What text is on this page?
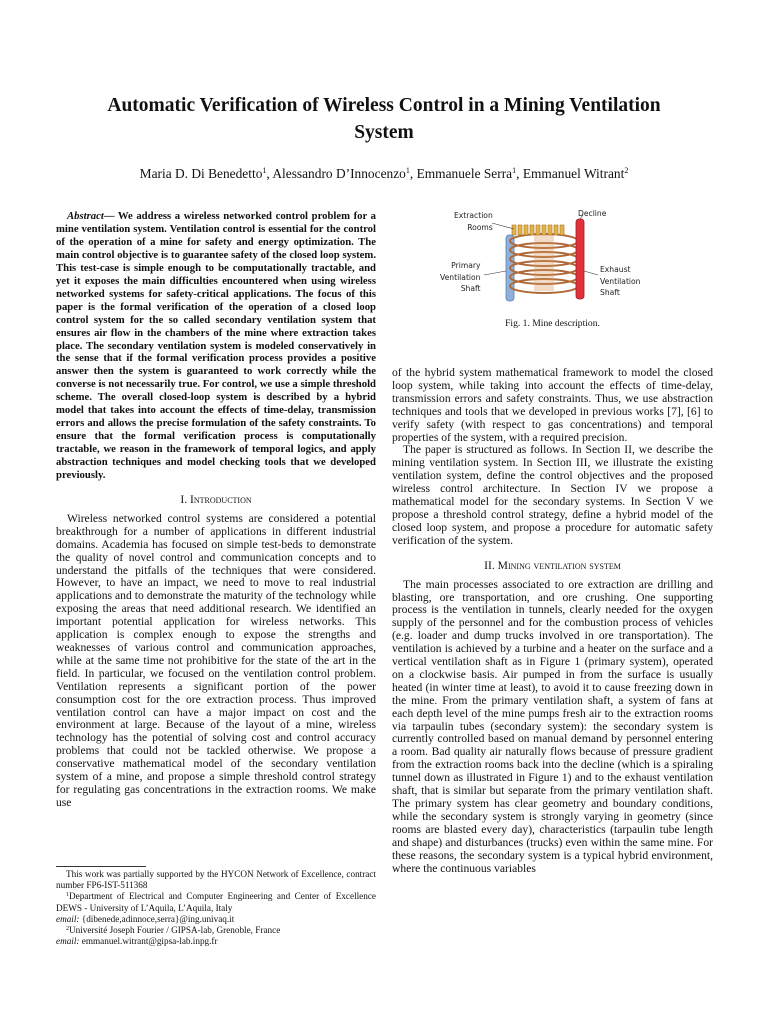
Automatic Verification of Wireless Control in a Mining Ventilation System
Maria D. Di Benedetto$^1$, Alessandro D’Innocenzo$^1$, Emmanuele Serra$^1$, Emmanuel Witrant$^2$

Abstract— We address a wireless networked control problem for a mine ventilation system. Ventilation control is essential for the control of the operation of a mine for safety and energy optimization. The main control objective is to guarantee safety of the closed loop system. This test-case is simple enough to be computationally tractable, and yet it exposes the main difficulties encountered when using wireless networked systems for safety-critical applications. The focus of this paper is the formal verification of the operation of a closed loop control system for the so called secondary ventilation system that ensures air flow in the chambers of the mine where extraction takes place. The secondary ventilation system is modeled conservatively in the sense that if the formal verification process provides a positive answer then the system is guaranteed to work correctly while the converse is not necessarily true. For control, we use a simple threshold scheme. The overall closed-loop system is described by a hybrid model that takes into account the effects of time-delay, transmission errors and allows the precise formulation of the safety constraints. To ensure that the formal verification process is computationally tractable, we reason in the framework of temporal logics, and apply abstraction techniques and model checking tools that we developed previously.

I. Introduction

Wireless networked control systems are considered a potential breakthrough for a number of applications in different industrial domains. Academia has focused on simple test-beds to demonstrate the quality of novel control and communication concepts and to understand the pitfalls of the techniques that were considered. However, to have an impact, we need to move to real industrial applications and to demonstrate the maturity of the technology while exposing the areas that need additional research. We identified an important potential application for wireless networks. This application is complex enough to expose the strengths and weaknesses of various control and communication approaches, while at the same time not prohibitive for the state of the art in the field. In particular, we focused on the ventilation control problem. Ventilation represents a significant portion of the power consumption cost for the ore extraction process. Thus improved ventilation control can have a major impact on cost and the environment at large. Because of the layout of a mine, wireless technology has the potential of solving cost and control accuracy problems that could not be tackled otherwise. We propose a conservative mathematical model of the secondary ventilation system of a mine, and propose a simple threshold control strategy for regulating gas concentrations in the extraction rooms. We make use

This work was partially supported by the HYCON Network of Excellence, contract number FP6-IST-511368
$^1$Department of Electrical and Computer Engineering and Center of Excellence DEWS - University of L’Aquila, L’Aquila, Italy
email: {dibenede,adinnoce,serra}@ing.univaq.it
$^2$Université Joseph Fourier / GIPSA-lab, Grenoble, France
email: emmanuel.witrant@gipsa-lab.inpg.fr
Extraction
Rooms
Decline
Primary
Ventilation
Shaft
Exhaust
Ventilation
Shaft
Fig. 1. Mine description.

of the hybrid system mathematical framework to model the closed loop system, while taking into account the effects of time-delay, transmission errors and safety constraints. Thus, we use abstraction techniques and tools that we developed in previous works [7], [6] to verify safety (with respect to gas concentrations) and temporal properties of the system, with a required precision.

The paper is structured as follows. In Section II, we describe the mining ventilation system. In Section III, we illustrate the existing ventilation system, define the control objectives and the proposed wireless control architecture. In Section IV we propose a mathematical model for the secondary systems. In Section V we propose a threshold control strategy, define a hybrid model of the closed loop system, and propose a procedure for automatic safety verification of the system.

II. Mining ventilation system

The main processes associated to ore extraction are drilling and blasting, ore transportation, and ore crushing. One supporting process is the ventilation in tunnels, clearly needed for the oxygen supply of the personnel and for the combustion process of vehicles (e.g. loader and dump trucks involved in ore transportation). The ventilation is achieved by a turbine and a heater on the surface and a vertical ventilation shaft as in Figure 1 (primary system), operated on a clockwise basis. Air pumped in from the surface is usually heated (in winter time at least), to avoid it to cause freezing down in the mine. From the primary ventilation shaft, a system of fans at each depth level of the mine pumps fresh air to the extraction rooms via tarpaulin tubes (secondary system): the secondary system is currently controlled based on manual demand by personnel entering a room. Bad quality air naturally flows because of pressure gradient from the extraction rooms back into the decline (which is a spiraling tunnel down as illustrated in Figure 1) and to the exhaust ventilation shaft, that is similar but separate from the primary ventilation shaft. The primary system has clear geometry and boundary conditions, while the secondary system is strongly varying in geometry (since rooms are blasted every day), characteristics (tarpaulin tube length and shape) and disturbances (trucks) even within the same mine. For these reasons, the secondary system is a typical hybrid environment, where the continuous variables
